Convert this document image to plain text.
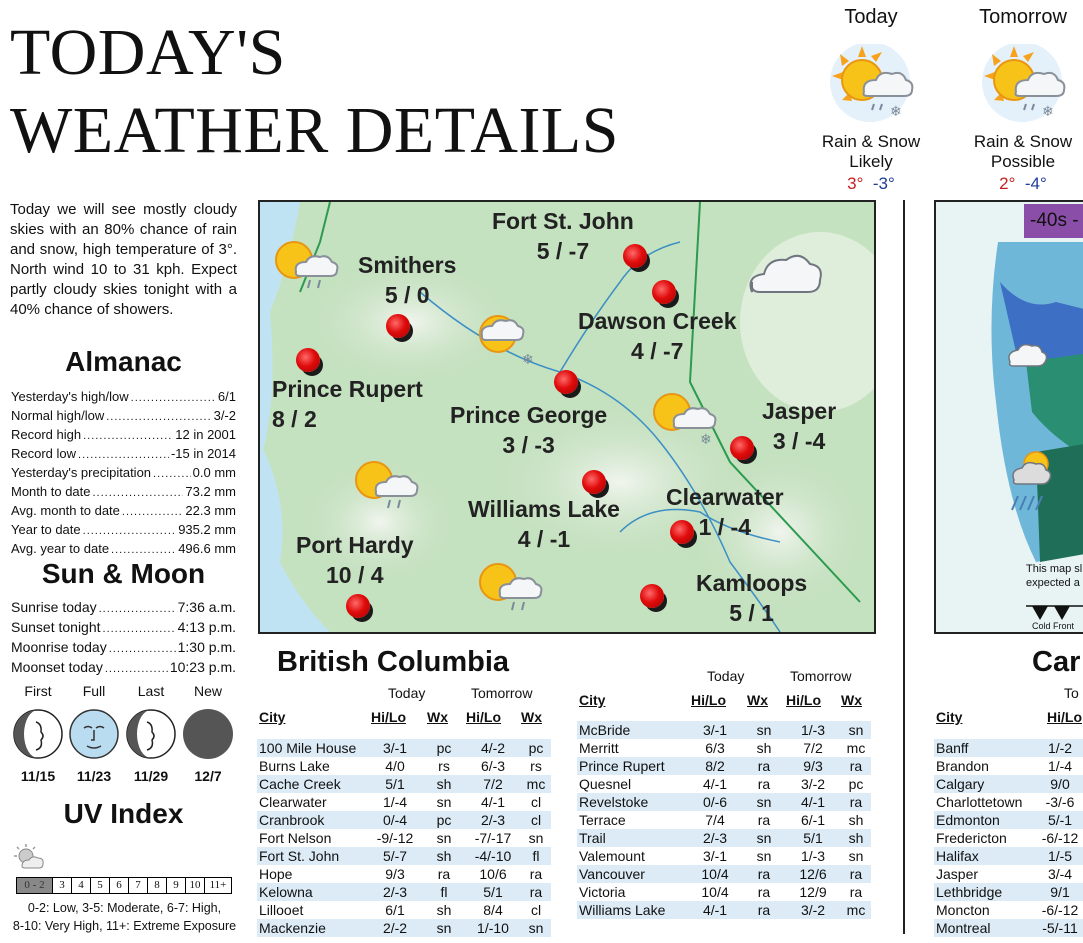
TODAY'S
WEATHER DETAILS
Today
❄
Rain & Snow
Likely
3° -3°
Tomorrow
❄
Rain & Snow
Possible
2° -4°
Today we will see mostly cloudy skies with an 80% chance of rain and snow, high temperature of 3°. North wind 10 to 31 kph. Expect partly cloudy skies tonight with a 40% chance of showers.
Almanac
Yesterday's high/low .....	6/1
Normal high/low .....	3/-2
Record high .....	12 in 2001
Record low .....	-15 in 2014
Yesterday's precipitation .....	0.0 mm
Month to date .....	73.2 mm
Avg. month to date .....	22.3 mm
Year to date .....	935.2 mm
Avg. year to date .....	496.6 mm
Sun & Moon
Sunrise today .....	7:36 a.m.
Sunset tonight .....	4:13 p.m.
Moonrise today .....	1:30 p.m.
Moonset today .....	10:23 p.m.
First	Full	Last	New
11/15	11/23	11/29	12/7
UV Index
0 - 2	3	4	5	6	7	8	9 10 11+
0-2: Low, 3-5: Moderate, 6-7: High,
8-10: Very High, 11+: Extreme Exposure
❄
❄
Fort St. John
5 / -7
Smithers
5 / 0
Dawson Creek
4 / -7
Prince Rupert
8 / 2	Prince George
3 / -3
Jasper
3 / -4
Williams Lake
4 / -1
Clearwater
1 / -4
Port Hardy
10 / 4	Kamloops
5 / 1
British Columbia
Today	Tomorrow
City	Hi/Lo Wx Hi/Lo Wx
100 Mile House	3/-1	pc	4/-2	pc
Burns Lake	4/0	rs	6/-3	rs
Cache Creek	5/1	sh	7/2	mc
Clearwater	1/-4	sn	4/-1	cl
Cranbrook	0/-4	pc	2/-3	cl
Fort Nelson	-9/-12	sn	-7/-17	sn
Fort St. John	5/-7	sh	-4/-10	fl
Hope	9/3	ra	10/6	ra
Kelowna	2/-3	fl	5/1	ra
Lillooet	6/1	sh	8/4	cl
Mackenzie	2/-2	sn	1/-10	sn
Today	Tomorrow
City	Hi/Lo Wx Hi/Lo Wx
McBride	3/-1	sn	1/-3	sn
Merritt	6/3	sh	7/2	mc
Prince Rupert	8/2	ra	9/3	ra
Quesnel	4/-1	ra	3/-2	pc
Revelstoke	0/-6	sn	4/-1	ra
Terrace	7/4	ra	6/-1	sh
Trail	2/-3	sn	5/1	sh
Valemount	3/-1	sn	1/-3	sn
Vancouver	10/4	ra	12/6	ra
Victoria	10/4	ra	12/9	ra
Williams Lake	4/-1	ra	3/-2	mc
-40s -
This map sl
expected a
Cold Front
Car
To
City	Hi/Lo
Banff	1/-2
Brandon	1/-4
Calgary	9/0
Charlottetown	-3/-6
Edmonton	5/-1
Fredericton	-6/-12
Halifax	1/-5
Jasper	3/-4
Lethbridge	9/1
Moncton	-6/-12
Montreal	-5/-11
